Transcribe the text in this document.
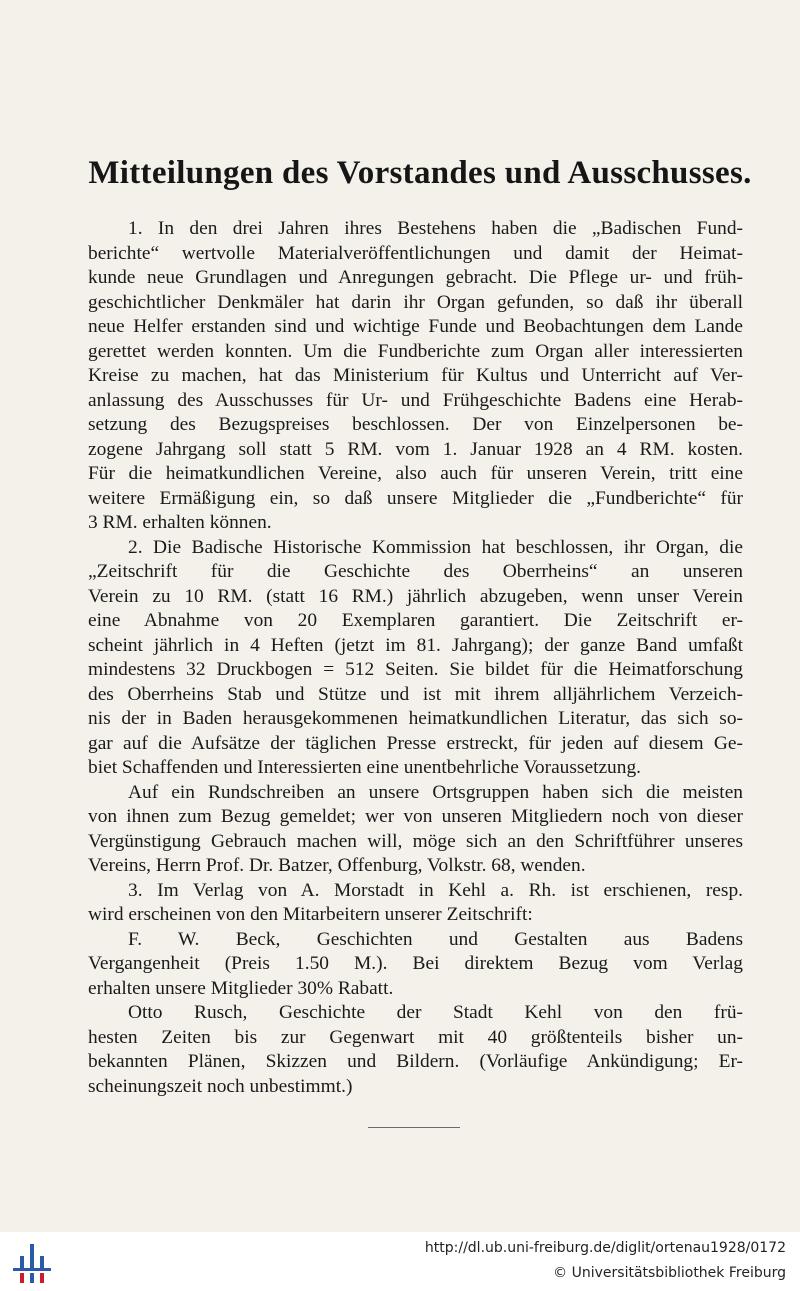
Mitteilungen des Vorstandes und Ausschusses.
1. In den drei Jahren ihres Bestehens haben die „Badischen Fund-
berichte“ wertvolle Materialveröffentlichungen und damit der Heimat-
kunde neue Grundlagen und Anregungen gebracht. Die Pflege ur- und früh-
geschichtlicher Denkmäler hat darin ihr Organ gefunden, so daß ihr überall
neue Helfer erstanden sind und wichtige Funde und Beobachtungen dem Lande
gerettet werden konnten. Um die Fundberichte zum Organ aller interessierten
Kreise zu machen, hat das Ministerium für Kultus und Unterricht auf Ver-
anlassung des Ausschusses für Ur- und Frühgeschichte Badens eine Herab-
setzung des Bezugspreises beschlossen. Der von Einzelpersonen be-
zogene Jahrgang soll statt 5 RM. vom 1. Januar 1928 an 4 RM. kosten.
Für die heimatkundlichen Vereine, also auch für unseren Verein, tritt eine
weitere Ermäßigung ein, so daß unsere Mitglieder die „Fundberichte“ für
3 RM. erhalten können.
2. Die Badische Historische Kommission hat beschlossen, ihr Organ, die
„Zeitschrift für die Geschichte des Oberrheins“ an unseren
Verein zu 10 RM. (statt 16 RM.) jährlich abzugeben, wenn unser Verein
eine Abnahme von 20 Exemplaren garantiert. Die Zeitschrift er-
scheint jährlich in 4 Heften (jetzt im 81. Jahrgang); der ganze Band umfaßt
mindestens 32 Druckbogen = 512 Seiten. Sie bildet für die Heimatforschung
des Oberrheins Stab und Stütze und ist mit ihrem alljährlichem Verzeich-
nis der in Baden herausgekommenen heimatkundlichen Literatur, das sich so-
gar auf die Aufsätze der täglichen Presse erstreckt, für jeden auf diesem Ge-
biet Schaffenden und Interessierten eine unentbehrliche Voraussetzung.
Auf ein Rundschreiben an unsere Ortsgruppen haben sich die meisten
von ihnen zum Bezug gemeldet; wer von unseren Mitgliedern noch von dieser
Vergünstigung Gebrauch machen will, möge sich an den Schriftführer unseres
Vereins, Herrn Prof. Dr. Batzer, Offenburg, Volkstr. 68, wenden.
3. Im Verlag von A. Morstadt in Kehl a. Rh. ist erschienen, resp.
wird erscheinen von den Mitarbeitern unserer Zeitschrift:
F. W. Beck, Geschichten und Gestalten aus Badens
Vergangenheit (Preis 1.50 M.). Bei direktem Bezug vom Verlag
erhalten unsere Mitglieder 30% Rabatt.
Otto Rusch, Geschichte der Stadt Kehl von den frü-
hesten Zeiten bis zur Gegenwart mit 40 größtenteils bisher un-
bekannten Plänen, Skizzen und Bildern. (Vorläufige Ankündigung; Er-
scheinungszeit noch unbestimmt.)
http://dl.ub.uni-freiburg.de/diglit/ortenau1928/0172
© Universitätsbibliothek Freiburg
